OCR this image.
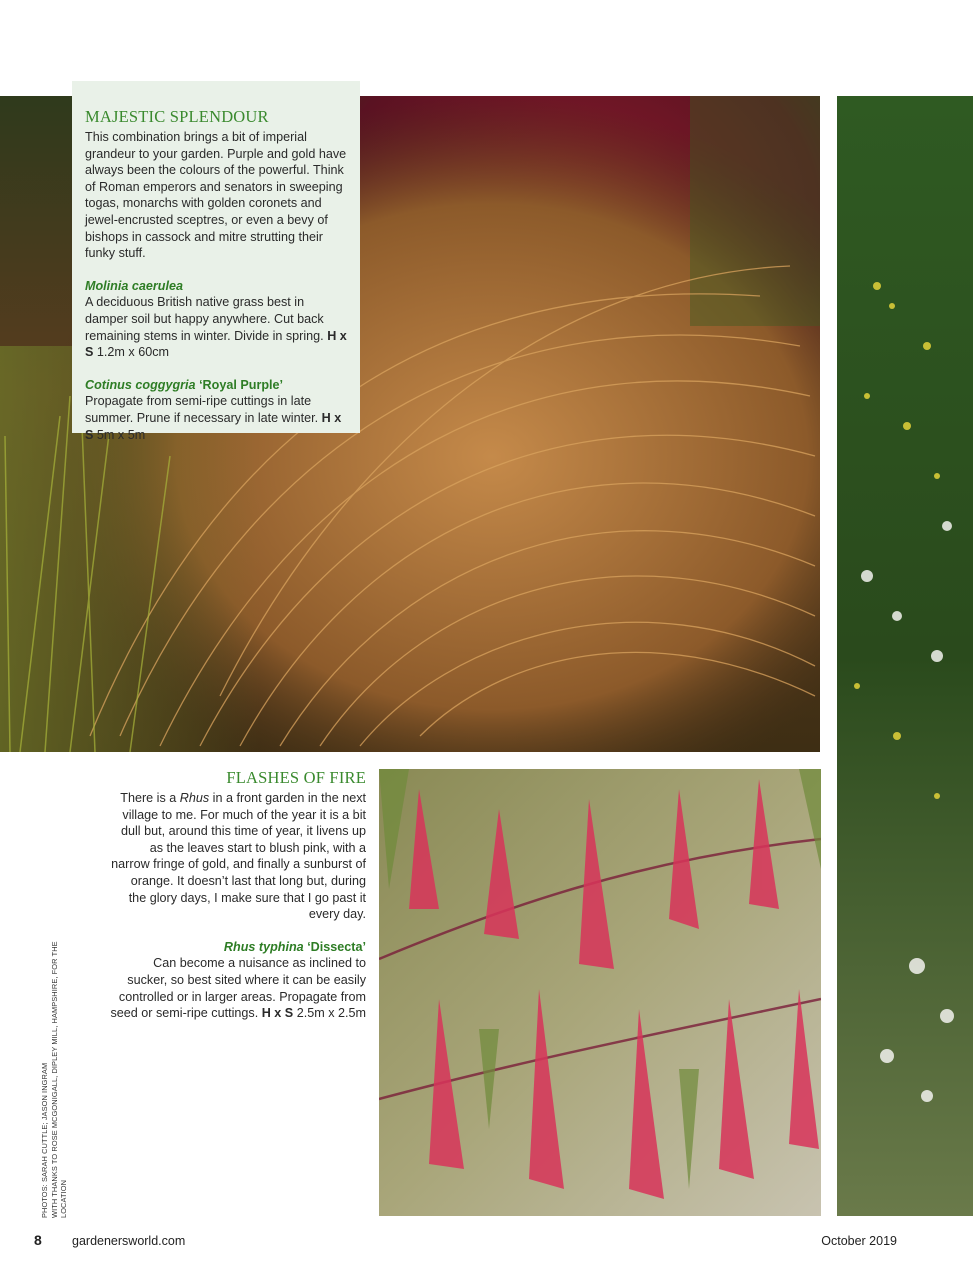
MAJESTIC SPLENDOUR

This combination brings a bit of imperial grandeur to your garden. Purple and gold have always been the colours of the powerful. Think of Roman emperors and senators in sweeping togas, monarchs with golden coronets and jewel-encrusted sceptres, or even a bevy of bishops in cassock and mitre strutting their funky stuff.

Molinia caerulea

A deciduous British native grass best in damper soil but happy anywhere. Cut back remaining stems in winter. Divide in spring. H x S 1.2m x 60cm

Cotinus coggygria ‘Royal Purple’

Propagate from semi-ripe cuttings in late summer. Prune if necessary in late winter. H x S 5m x 5m

FLASHES OF FIRE

There is a Rhus in a front garden in the next village to me. For much of the year it is a bit dull but, around this time of year, it livens up as the leaves start to blush pink, with a narrow fringe of gold, and finally a sunburst of orange. It doesn’t last that long but, during the glory days, I make sure that I go past it every day.

Rhus typhina ‘Dissecta’

Can become a nuisance as inclined to sucker, so best sited where it can be easily controlled or in larger areas. Propagate from seed or semi-ripe cuttings. H x S 2.5m x 2.5m

PHOTOS: SARAH CUTTLE; JASON INGRAM WITH THANKS TO ROSE MCGONIGALL, DIPLEY MILL, HAMPSHIRE, FOR THE LOCATION
8 gardenersworld.com	October 2019
